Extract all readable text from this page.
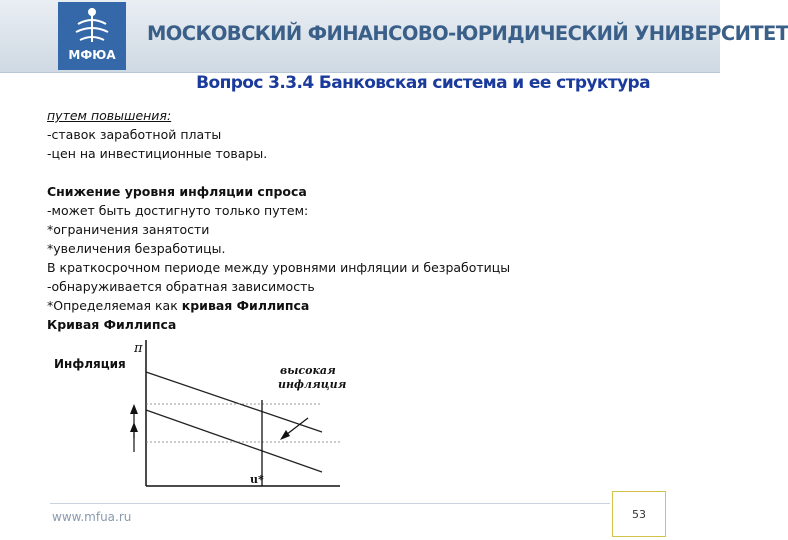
МФЮА
МОСКОВСКИЙ ФИНАНСОВО-ЮРИДИЧЕСКИЙ УНИВЕРСИТЕТ
Вопрос 3.3.4 Банковская система и ее структура
путем повышения:
-ставок заработной платы
-цен на инвестиционные товары.
Снижение уровня инфляции спроса
-может быть достигнуто только путем:
*ограничения занятости
*увеличения безработицы.
В краткосрочном периоде между уровнями инфляции и безработицы
-обнаруживается обратная зависимость
*Определяемая как кривая Филлипса
Кривая Филлипса
π
Инфляция	высокая
инфляция
u*
www.mfua.ru	53
